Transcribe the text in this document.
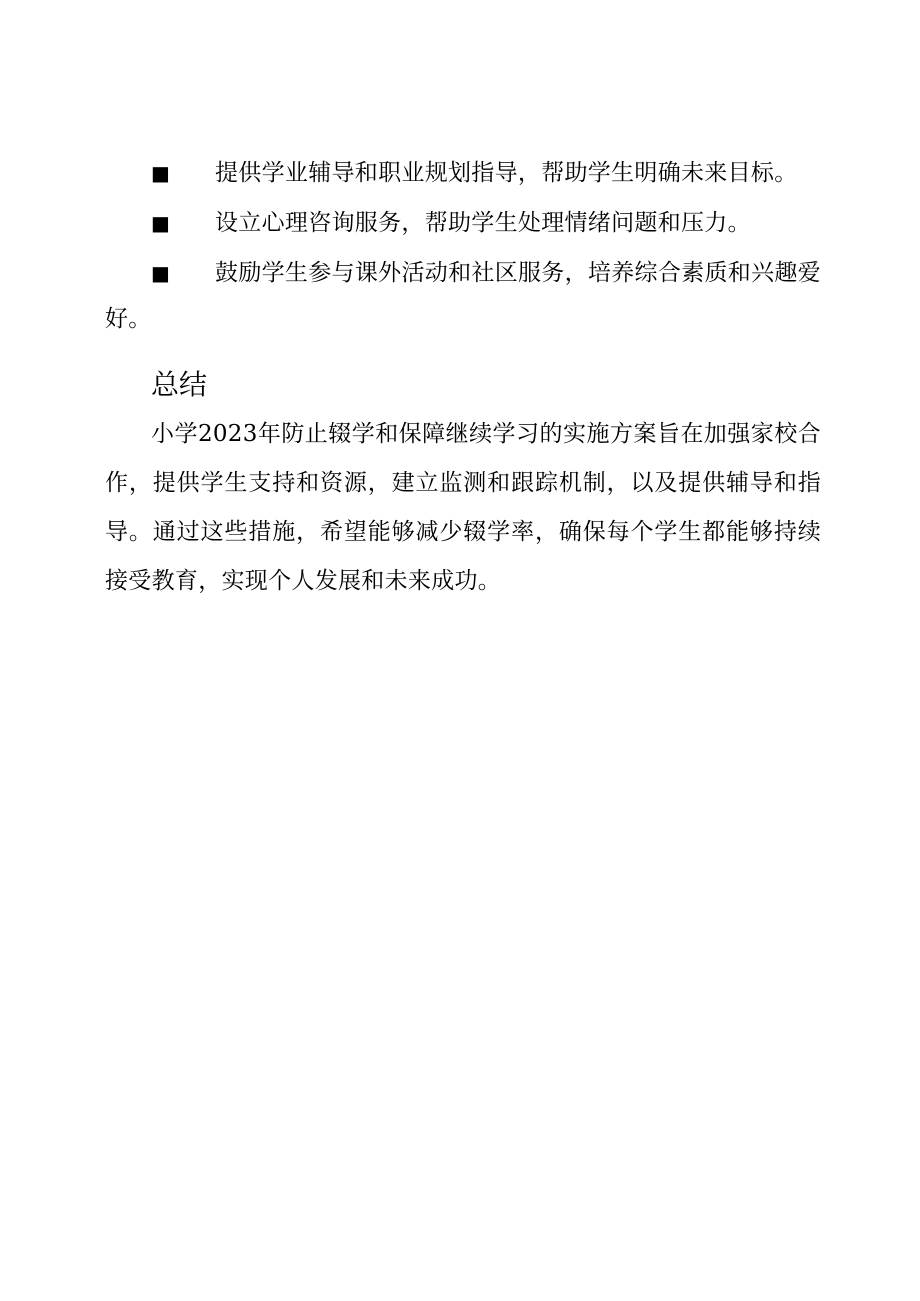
■ 提供学业辅导和职业规划指导，帮助学生明确未来目标。

■ 设立心理咨询服务，帮助学生处理情绪问题和压力。

■ 鼓励学生参与课外活动和社区服务，培养综合素质和兴趣爱好。

总结

小学2023年防止辍学和保障继续学习的实施方案旨在加强家校合作，提供学生支持和资源，建立监测和跟踪机制，以及提供辅导和指导。通过这些措施，希望能够减少辍学率，确保每个学生都能够持续接受教育，实现个人发展和未来成功。
